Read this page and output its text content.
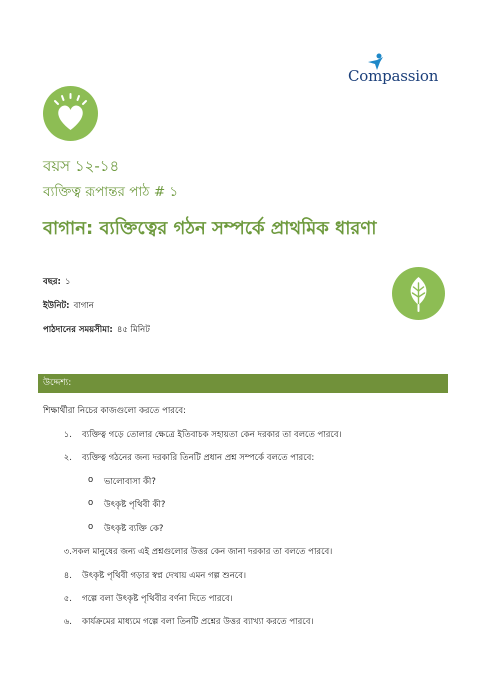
Compassion
বয়স ১২-১৪
ব্যক্তিত্ব রূপান্তর পাঠ # ১
বাগান: ব্যক্তিত্বের গঠন সম্পর্কে প্রাথমিক ধারণা
বছর: ১
ইউনিট: বাগান
পাঠদানের সময়সীমা: ৪৫ মিনিট
উদ্দেশ্য:
শিক্ষার্থীরা নিচের কাজগুলো করতে পারবে:
১. ব্যক্তিত্ব গড়ে তোলার ক্ষেত্রে ইতিবাচক সহায়তা কেন দরকার তা বলতে পারবে।
২. ব্যক্তিত্ব গঠনের জন্য দরকারি তিনটি প্রধান প্রশ্ন সম্পর্কে বলতে পারবে:
o ভালোবাসা কী?
o উৎকৃষ্ট পৃথিবী কী?
o উৎকৃষ্ট ব্যক্তি কে?
৩. সকল মানুষের জন্য এই প্রশ্নগুলোর উত্তর কেন জানা দরকার তা বলতে পারবে।
৪. উৎকৃষ্ট পৃথিবী গড়ার স্বপ্ন দেখায় এমন গল্প শুনবে।
৫. গল্পে বলা উৎকৃষ্ট পৃথিবীর বর্ণনা দিতে পারবে।
৬. কার্যক্রমের মাধ্যমে গল্পে বলা তিনটি প্রশ্নের উত্তর ব্যাখ্যা করতে পারবে।
